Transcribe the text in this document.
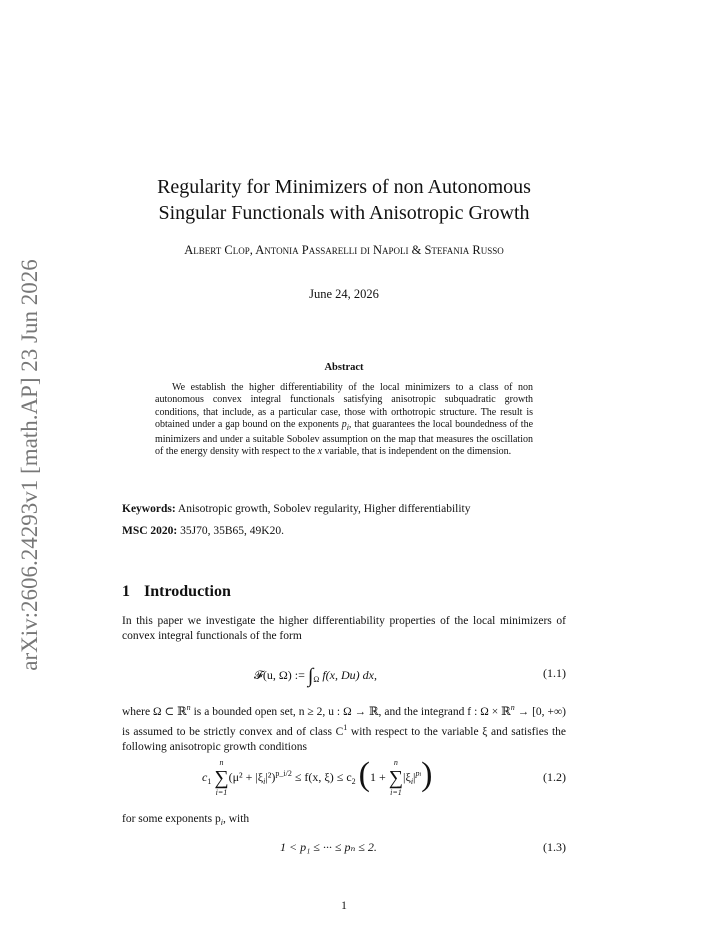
arXiv:2606.24293v1 [math.AP] 23 Jun 2026
Regularity for Minimizers of non Autonomous
Singular Functionals with Anisotropic Growth
Albert Clop, Antonia Passarelli di Napoli & Stefania Russo
June 24, 2026
Abstract

We establish the higher differentiability of the local minimizers to a class of non autonomous convex integral functionals satisfying anisotropic subquadratic growth conditions, that include, as a particular case, those with orthotropic structure. The result is obtained under a gap bound on the exponents $p_i$, that guarantees the local boundedness of the minimizers and under a suitable Sobolev assumption on the map that measures the oscillation of the energy density with respect to the x variable, that is independent on the dimension.

Keywords: Anisotropic growth, Sobolev regularity, Higher differentiability
MSC 2020: 35J70, 35B65, 49K20.
1 Introduction

In this paper we investigate the higher differentiability properties of the local minimizers of convex integral functionals of the form

𝓕(u, Ω) := $\int_\Omega$ f(x, Du) dx,	(1.1)

where Ω ⊂ ℝ$^n$ is a bounded open set, n ≥ 2, u : Ω → ℝ, and the integrand f : Ω × ℝ$^n$ → [0, +∞) is assumed to be strictly convex and of class $C^1$ with respect to the variable ξ and satisfies the following anisotropic growth conditions

$c_1$
n
∑
i=1
$(\mu^2 + |\xi_i|^2)^{p\_i/2} \le f(x$, $\xi) \le c_2$ (1 +
n
∑
i=1
$|\xi_i|^{pi}$)	(1.2)

for some exponents $p_i$, with

1 < p₁ ≤ ··· ≤ pₙ ≤ 2.	(1.3)
1
